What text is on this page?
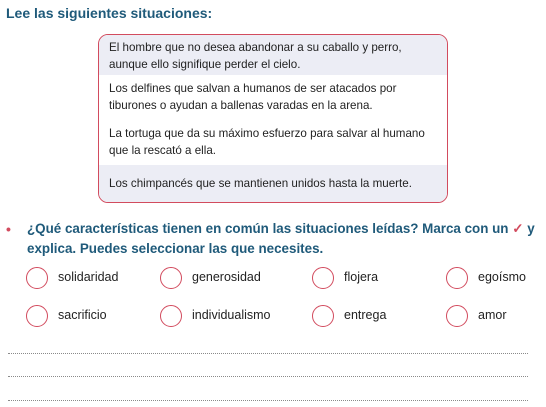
Lee las siguientes situaciones:
El hombre que no desea abandonar a su caballo y perro, aunque ello signifique perder el cielo.
Los delfines que salvan a humanos de ser atacados por tiburones o ayudan a ballenas varadas en la arena.
La tortuga que da su máximo esfuerzo para salvar al humano que la rescató a ella.
Los chimpancés que se mantienen unidos hasta la muerte.
• ¿Qué características tienen en común las situaciones leídas? Marca con un ✓ y explica. Puedes seleccionar las que necesites.
solidaridad	generosidad	flojera	egoísmo
sacrificio	individualismo	entrega	amor
